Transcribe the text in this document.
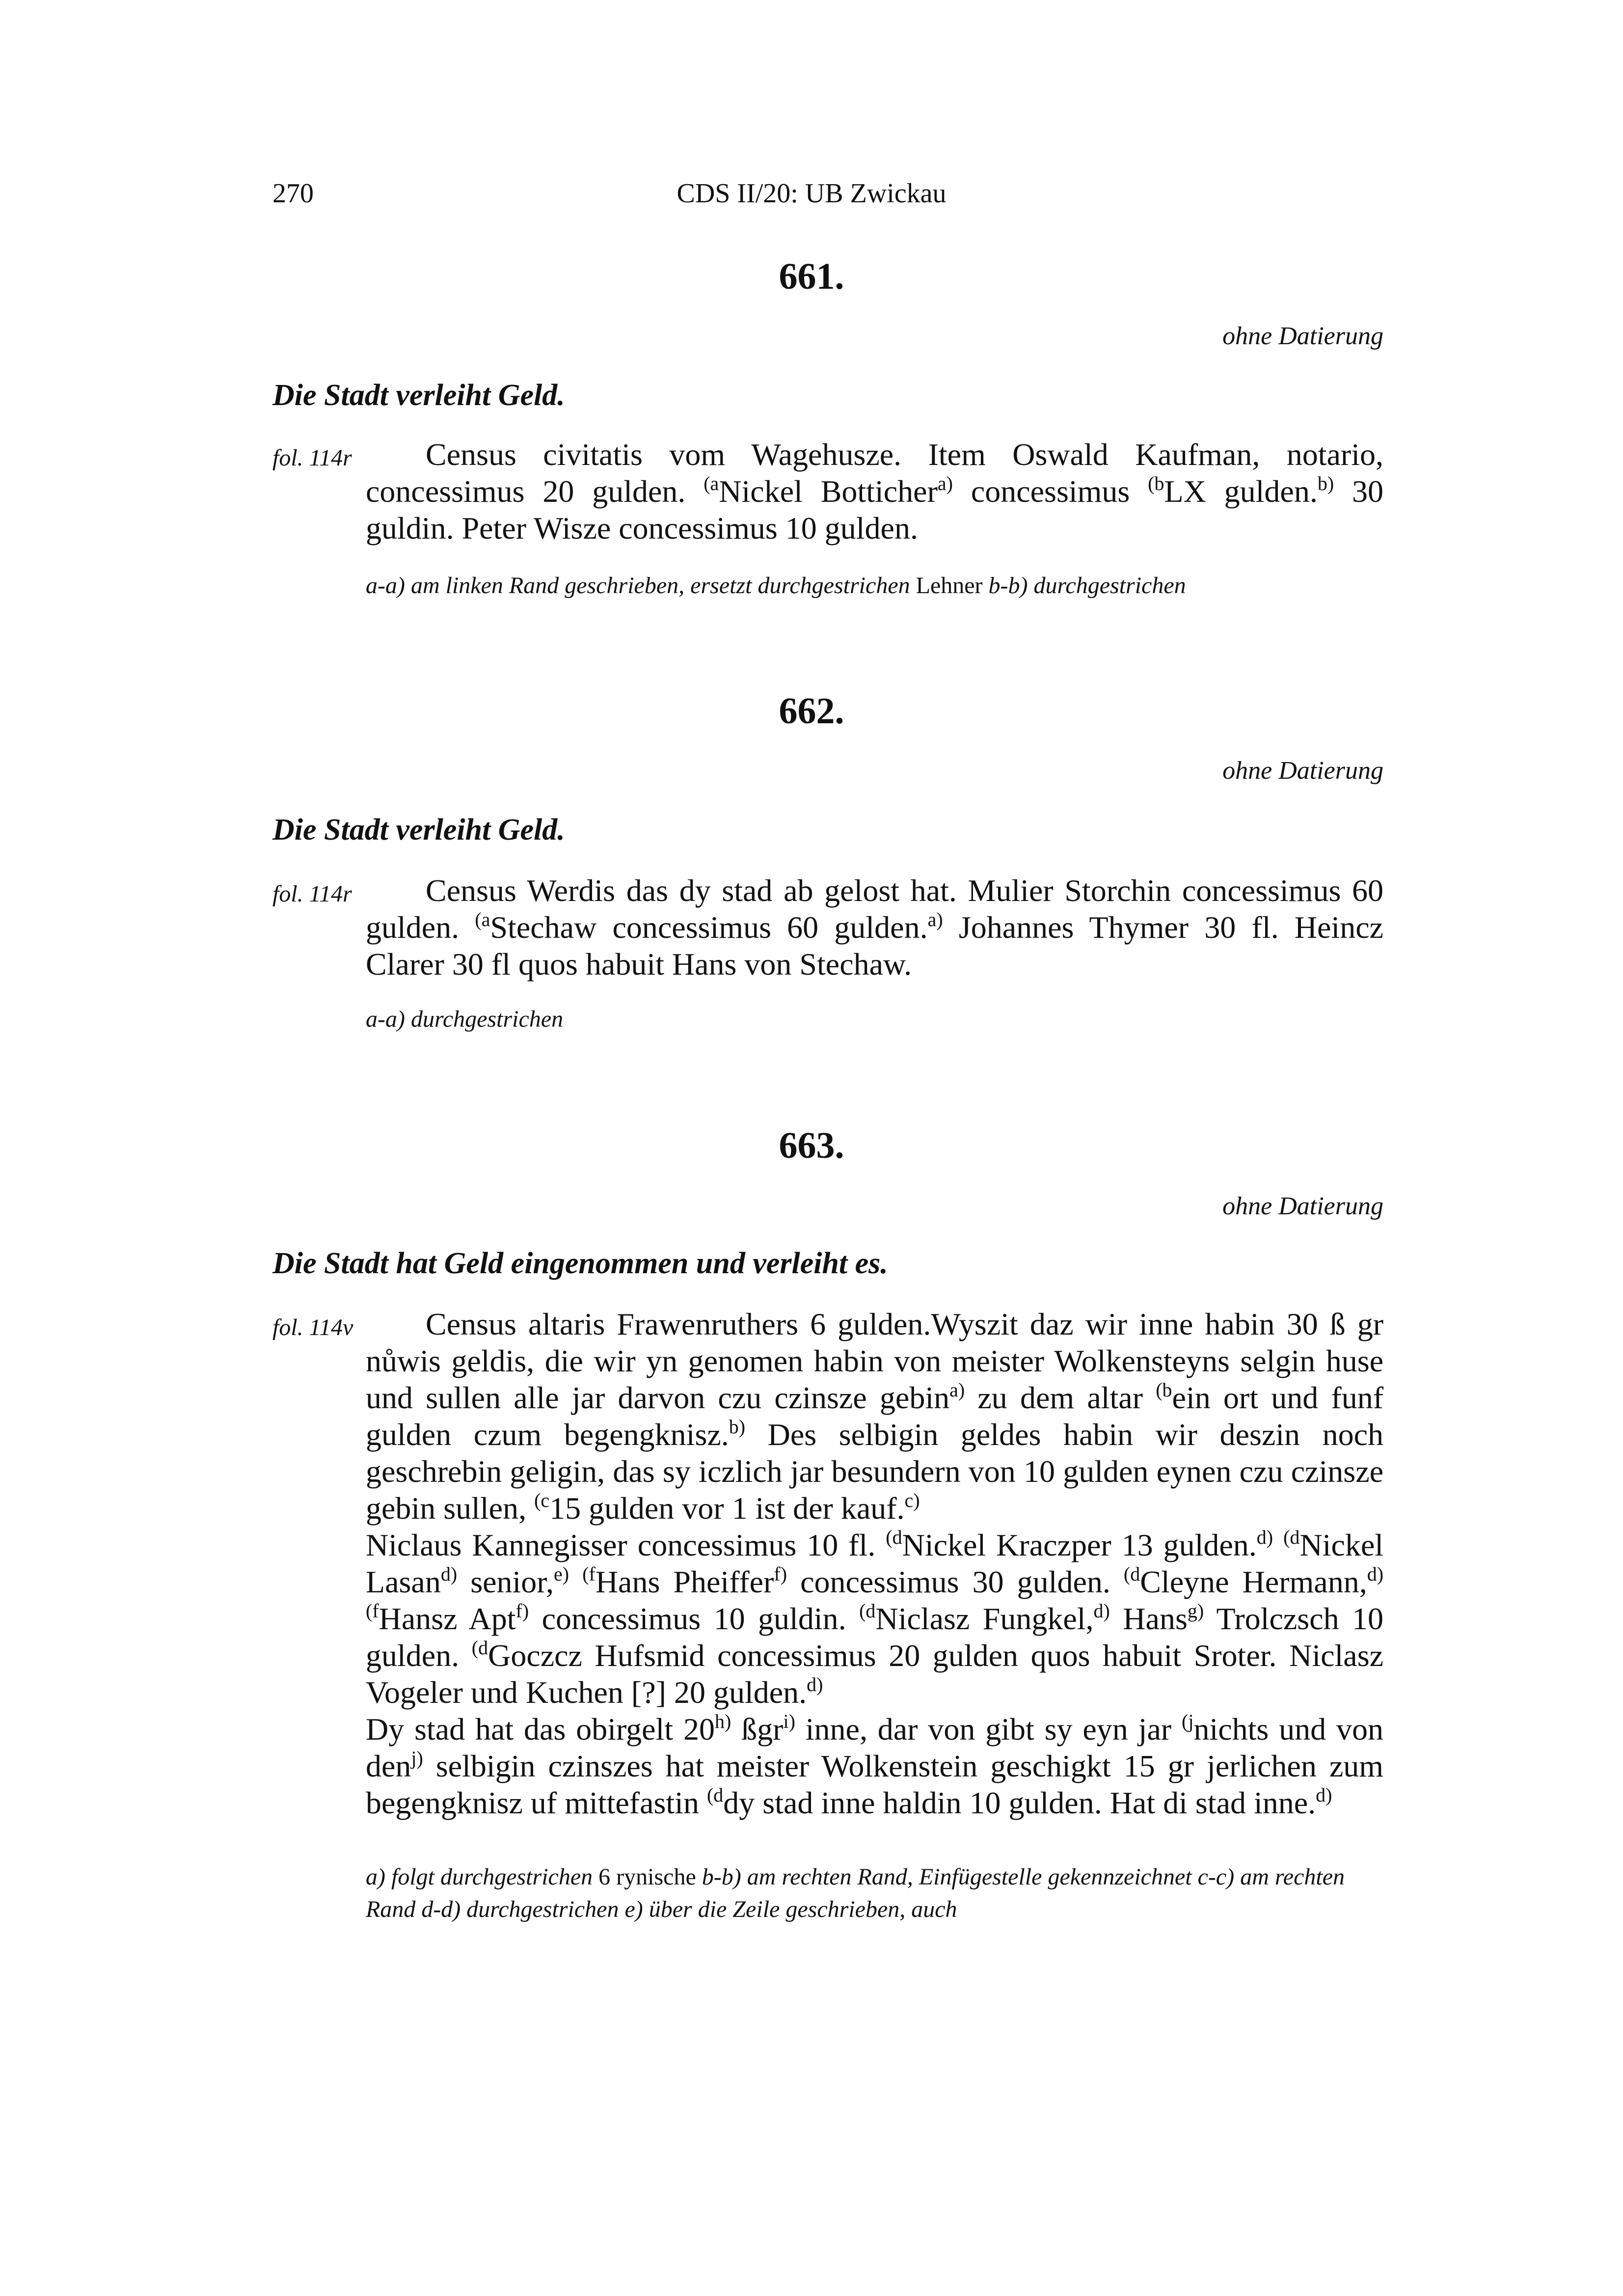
270	CDS II/20: UB Zwickau
661.
ohne Datierung
Die Stadt verleiht Geld.
fol. 114r	Census civitatis vom Wagehusze. Item Oswald Kaufman, notario, concessimus 20 gulden. $^{(a}$Nickel Botticher$^{a)}$ concessimus $^{(b}$LX gulden.$^{b)}$ 30 guldin. Peter Wisze concessimus 10 gulden.
a-a) am linken Rand geschrieben, ersetzt durchgestrichen Lehner b-b) durchgestrichen
662.
ohne Datierung
Die Stadt verleiht Geld.
fol. 114r	Census Werdis das dy stad ab gelost hat. Mulier Storchin concessimus 60 gulden. $^{(a}$Stechaw concessimus 60 gulden.$^{a)}$ Johannes Thymer 30 fl. Heincz Clarer 30 fl quos habuit Hans von Stechaw.
a-a) durchgestrichen
663.
ohne Datierung
Die Stadt hat Geld eingenommen und verleiht es.
fol. 114v	Census altaris Frawenruthers 6 gulden.Wyszit daz wir inne habin 30 ß gr nůwis geldis, die wir yn genomen habin von meister Wolkensteyns selgin huse und sullen alle jar darvon czu czinsze gebin$^{a)}$ zu dem altar $^{(b}$ein ort und funf gulden czum begengknisz.$^{b)}$ Des selbigin geldes habin wir deszin noch geschrebin geligin, das sy iczlich jar besundern von 10 gulden eynen czu czinsze gebin sullen, $^{(c}$15 gulden vor 1 ist der kauf.$^{c)}$
Niclaus Kannegisser concessimus 10 fl. $^{(d}$Nickel Kraczper 13 gulden.$^{d)}$ $^{(d}$Nickel Lasan$^{d)}$ senior,$^{e)}$ $^{(f}$Hans Pheiffer$^{f)}$ concessimus 30 gulden. $^{(d}$Cleyne Hermann,$^{d)}$ $^{(f}$Hansz Apt$^{f)}$ concessimus 10 guldin. $^{(d}$Niclasz Fungkel,$^{d)}$ Hans$^{g)}$ Trolczsch 10 gulden. $^{(d}$Goczcz Hufsmid concessimus 20 gulden quos habuit Sroter. Niclasz Vogeler und Kuchen [?] 20 gulden.$^{d)}$
Dy stad hat das obirgelt 20$^{h)}$ ßgr$^{i)}$ inne, dar von gibt sy eyn jar $^{(j}$nichts und von den$^{j)}$ selbigin czinszes hat meister Wolkenstein geschigkt 15 gr jerlichen zum begengknisz uf mittefastin $^{(d}$dy stad inne haldin 10 gulden. Hat di stad inne.$^{d)}$
a) folgt durchgestrichen 6 rynische b-b) am rechten Rand, Einfügestelle gekennzeichnet c-c) am rechten Rand d-d) durchgestrichen e) über die Zeile geschrieben, auch
